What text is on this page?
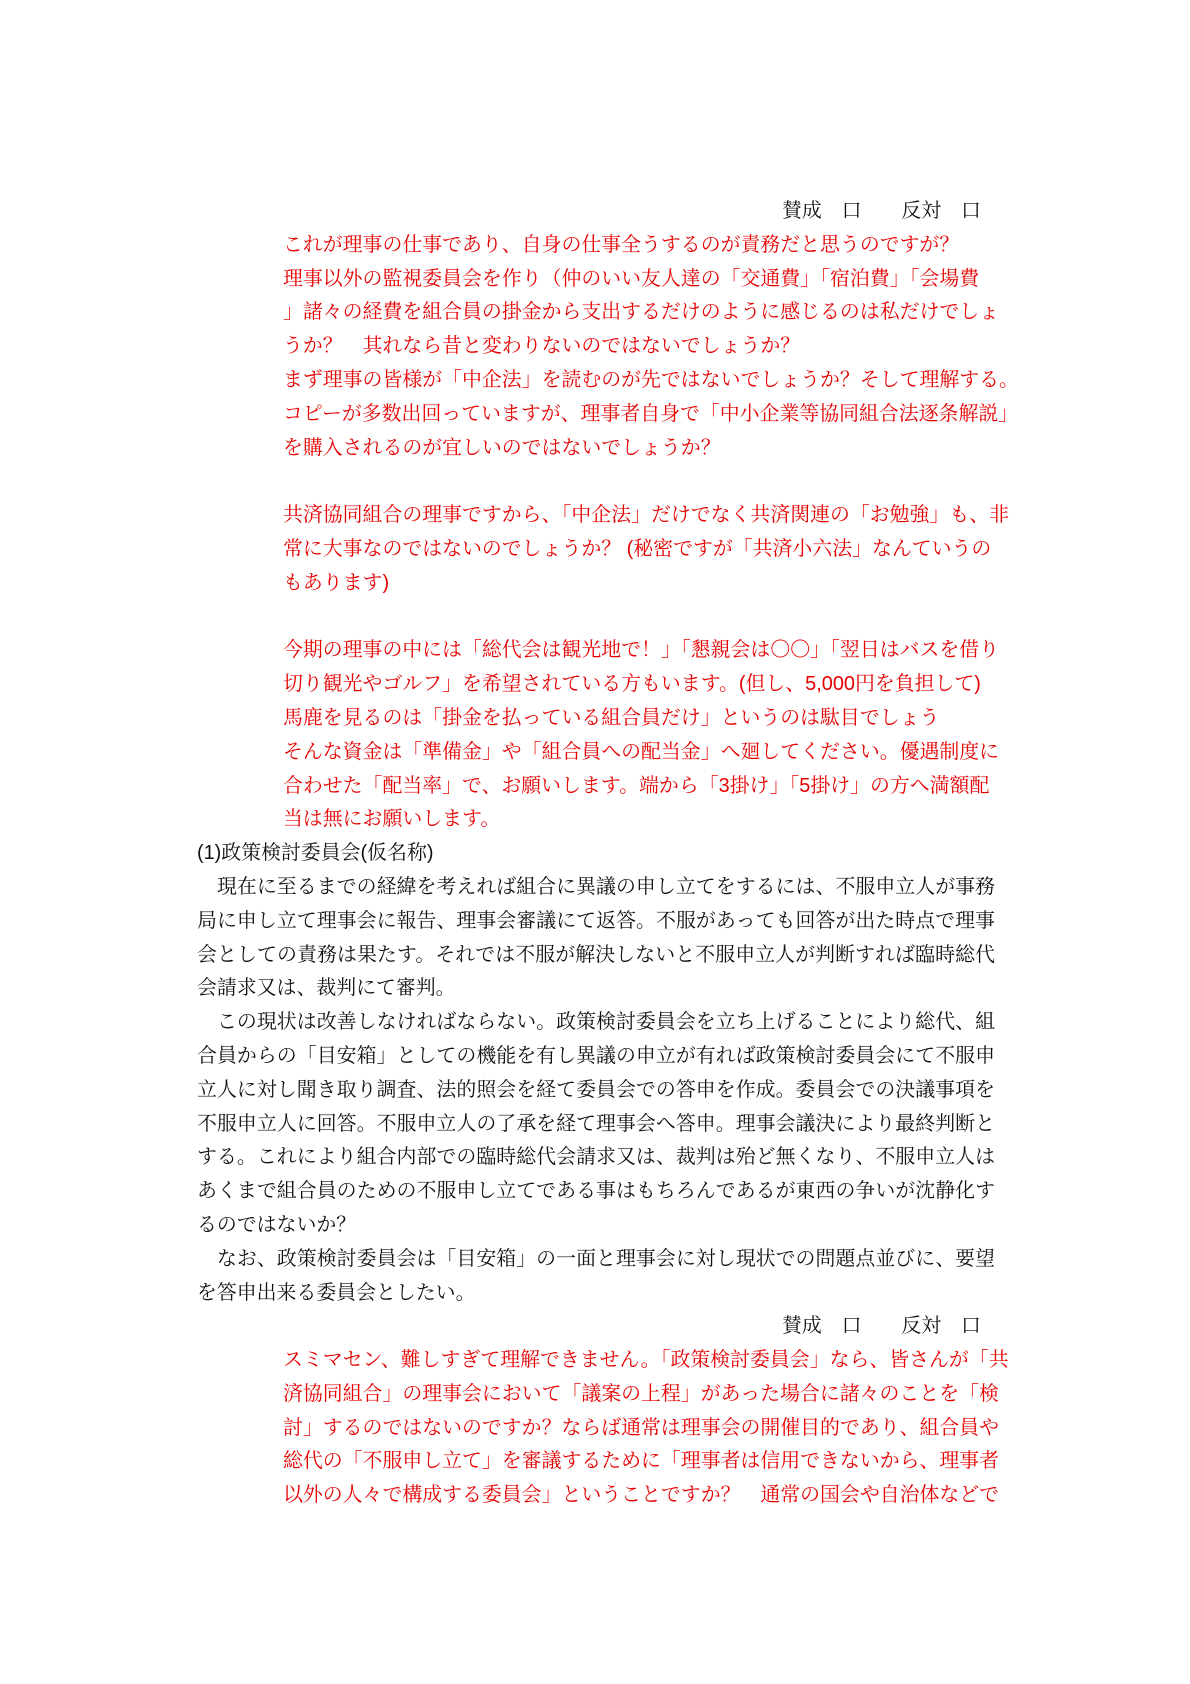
賛成　口　　反対　口
これが理事の仕事であり、自身の仕事全うするのが責務だと思うのですが？
理事以外の監視委員会を作り（仲のいい友人達の「交通費」「宿泊費」「会場費
」諸々の経費を組合員の掛金から支出するだけのように感じるのは私だけでしょ
うか？　其れなら昔と変わりないのではないでしょうか？
まず理事の皆様が「中企法」を読むのが先ではないでしょうか？そして理解する。
コピーが多数出回っていますが、理事者自身で「中小企業等協同組合法逐条解説」
を購入されるのが宜しいのではないでしょうか？
共済協同組合の理事ですから、「中企法」だけでなく共済関連の「お勉強」も、非
常に大事なのではないのでしょうか？ (秘密ですが「共済小六法」なんていうの
もあります)
今期の理事の中には「総代会は観光地で！」「懇親会は〇〇」「翌日はバスを借り
切り観光やゴルフ」を希望されている方もいます。(但し、5,000円を負担して)
馬鹿を見るのは「掛金を払っている組合員だけ」というのは駄目でしょう
そんな資金は「準備金」や「組合員への配当金」へ廻してください。優遇制度に
合わせた「配当率」で、お願いします。端から「3掛け」「5掛け」の方へ満額配
当は無にお願いします。
(1)政策検討委員会(仮名称)
　現在に至るまでの経緯を考えれば組合に異議の申し立てをするには、不服申立人が事務
局に申し立て理事会に報告、理事会審議にて返答。不服があっても回答が出た時点で理事
会としての責務は果たす。それでは不服が解決しないと不服申立人が判断すれば臨時総代
会請求又は、裁判にて審判。
　この現状は改善しなければならない。政策検討委員会を立ち上げることにより総代、組
合員からの「目安箱」としての機能を有し異議の申立が有れば政策検討委員会にて不服申
立人に対し聞き取り調査、法的照会を経て委員会での答申を作成。委員会での決議事項を
不服申立人に回答。不服申立人の了承を経て理事会へ答申。理事会議決により最終判断と
する。これにより組合内部での臨時総代会請求又は、裁判は殆ど無くなり、不服申立人は
あくまで組合員のための不服申し立てである事はもちろんであるが東西の争いが沈静化す
るのではないか？
　なお、政策検討委員会は「目安箱」の一面と理事会に対し現状での問題点並びに、要望
を答申出来る委員会としたい。
賛成　口　　反対　口
スミマセン、難しすぎて理解できません。「政策検討委員会」なら、皆さんが「共
済協同組合」の理事会において「議案の上程」があった場合に諸々のことを「検
討」するのではないのですか？ならば通常は理事会の開催目的であり、組合員や
総代の「不服申し立て」を審議するために「理事者は信用できないから、理事者
以外の人々で構成する委員会」ということですか？　通常の国会や自治体などで
